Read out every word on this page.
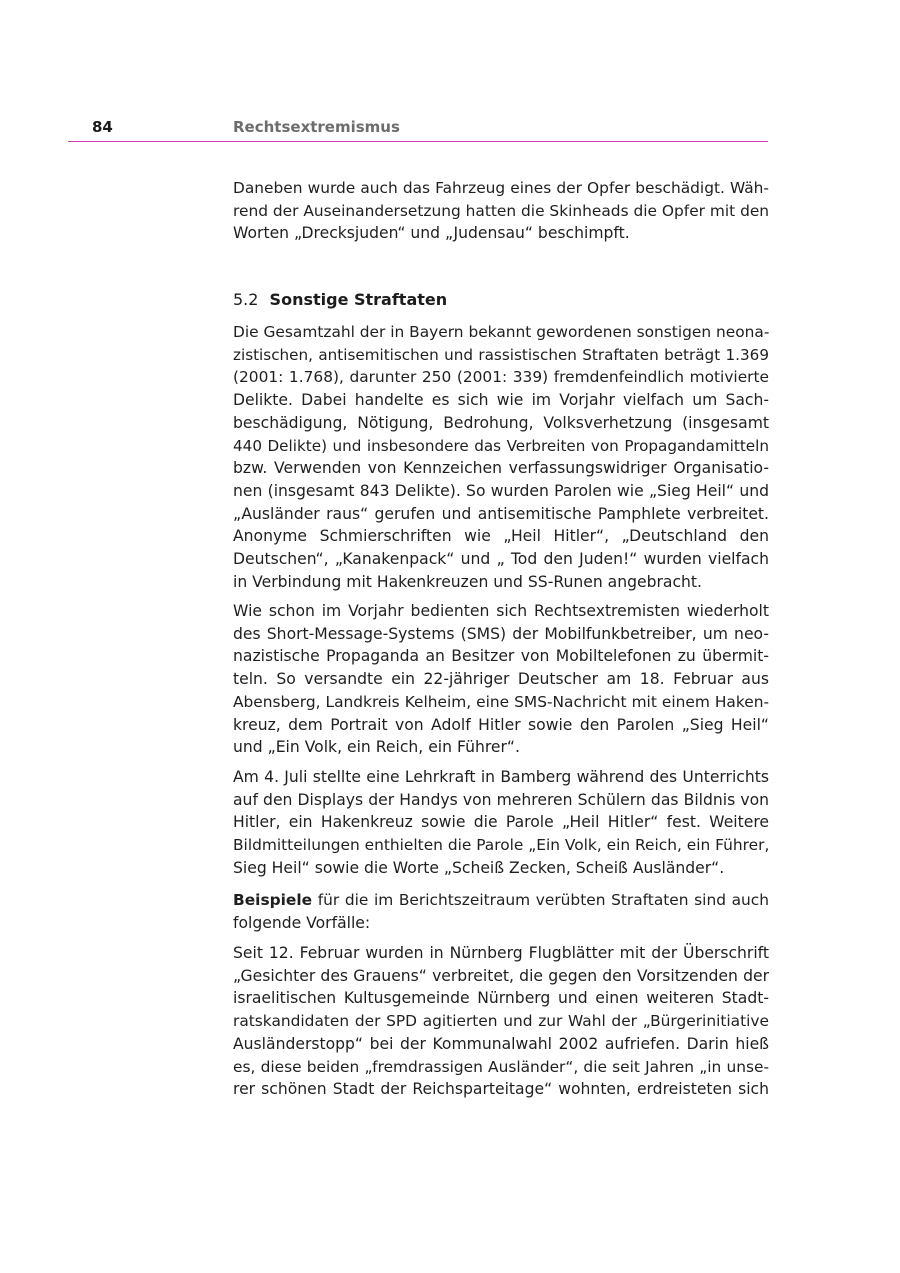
84	Rechtsextremismus
Daneben wurde auch das Fahrzeug eines der Opfer beschädigt. Wäh-
rend der Auseinandersetzung hatten die Skinheads die Opfer mit den
Worten „Drecksjuden“ und „Judensau“ beschimpft.
5.2 Sonstige Straftaten
Die Gesamtzahl der in Bayern bekannt gewordenen sonstigen neona-
zistischen, antisemitischen und rassistischen Straftaten beträgt 1.369
(2001: 1.768), darunter 250 (2001: 339) fremdenfeindlich motivierte
Delikte. Dabei handelte es sich wie im Vorjahr vielfach um Sach-
beschädigung, Nötigung, Bedrohung, Volksverhetzung (insgesamt
440 Delikte) und insbesondere das Verbreiten von Propagandamitteln
bzw. Verwenden von Kennzeichen verfassungswidriger Organisatio-
nen (insgesamt 843 Delikte). So wurden Parolen wie „Sieg Heil“ und
„Ausländer raus“ gerufen und antisemitische Pamphlete verbreitet.
Anonyme Schmierschriften wie „Heil Hitler“, „Deutschland den
Deutschen“, „Kanakenpack“ und „ Tod den Juden!“ wurden vielfach
in Verbindung mit Hakenkreuzen und SS-Runen angebracht.
Wie schon im Vorjahr bedienten sich Rechtsextremisten wiederholt
des Short-Message-Systems (SMS) der Mobilfunkbetreiber, um neo-
nazistische Propaganda an Besitzer von Mobiltelefonen zu übermit-
teln. So versandte ein 22-jähriger Deutscher am 18. Februar aus
Abensberg, Landkreis Kelheim, eine SMS-Nachricht mit einem Haken-
kreuz, dem Portrait von Adolf Hitler sowie den Parolen „Sieg Heil“
und „Ein Volk, ein Reich, ein Führer“.
Am 4. Juli stellte eine Lehrkraft in Bamberg während des Unterrichts
auf den Displays der Handys von mehreren Schülern das Bildnis von
Hitler, ein Hakenkreuz sowie die Parole „Heil Hitler“ fest. Weitere
Bildmitteilungen enthielten die Parole „Ein Volk, ein Reich, ein Führer,
Sieg Heil“ sowie die Worte „Scheiß Zecken, Scheiß Ausländer“.
Beispiele für die im Berichtszeitraum verübten Straftaten sind auch
folgende Vorfälle:
Seit 12. Februar wurden in Nürnberg Flugblätter mit der Überschrift
„Gesichter des Grauens“ verbreitet, die gegen den Vorsitzenden der
israelitischen Kultusgemeinde Nürnberg und einen weiteren Stadt-
ratskandidaten der SPD agitierten und zur Wahl der „Bürgerinitiative
Ausländerstopp“ bei der Kommunalwahl 2002 aufriefen. Darin hieß
es, diese beiden „fremdrassigen Ausländer“, die seit Jahren „in unse-
rer schönen Stadt der Reichsparteitage“ wohnten, erdreisteten sich
